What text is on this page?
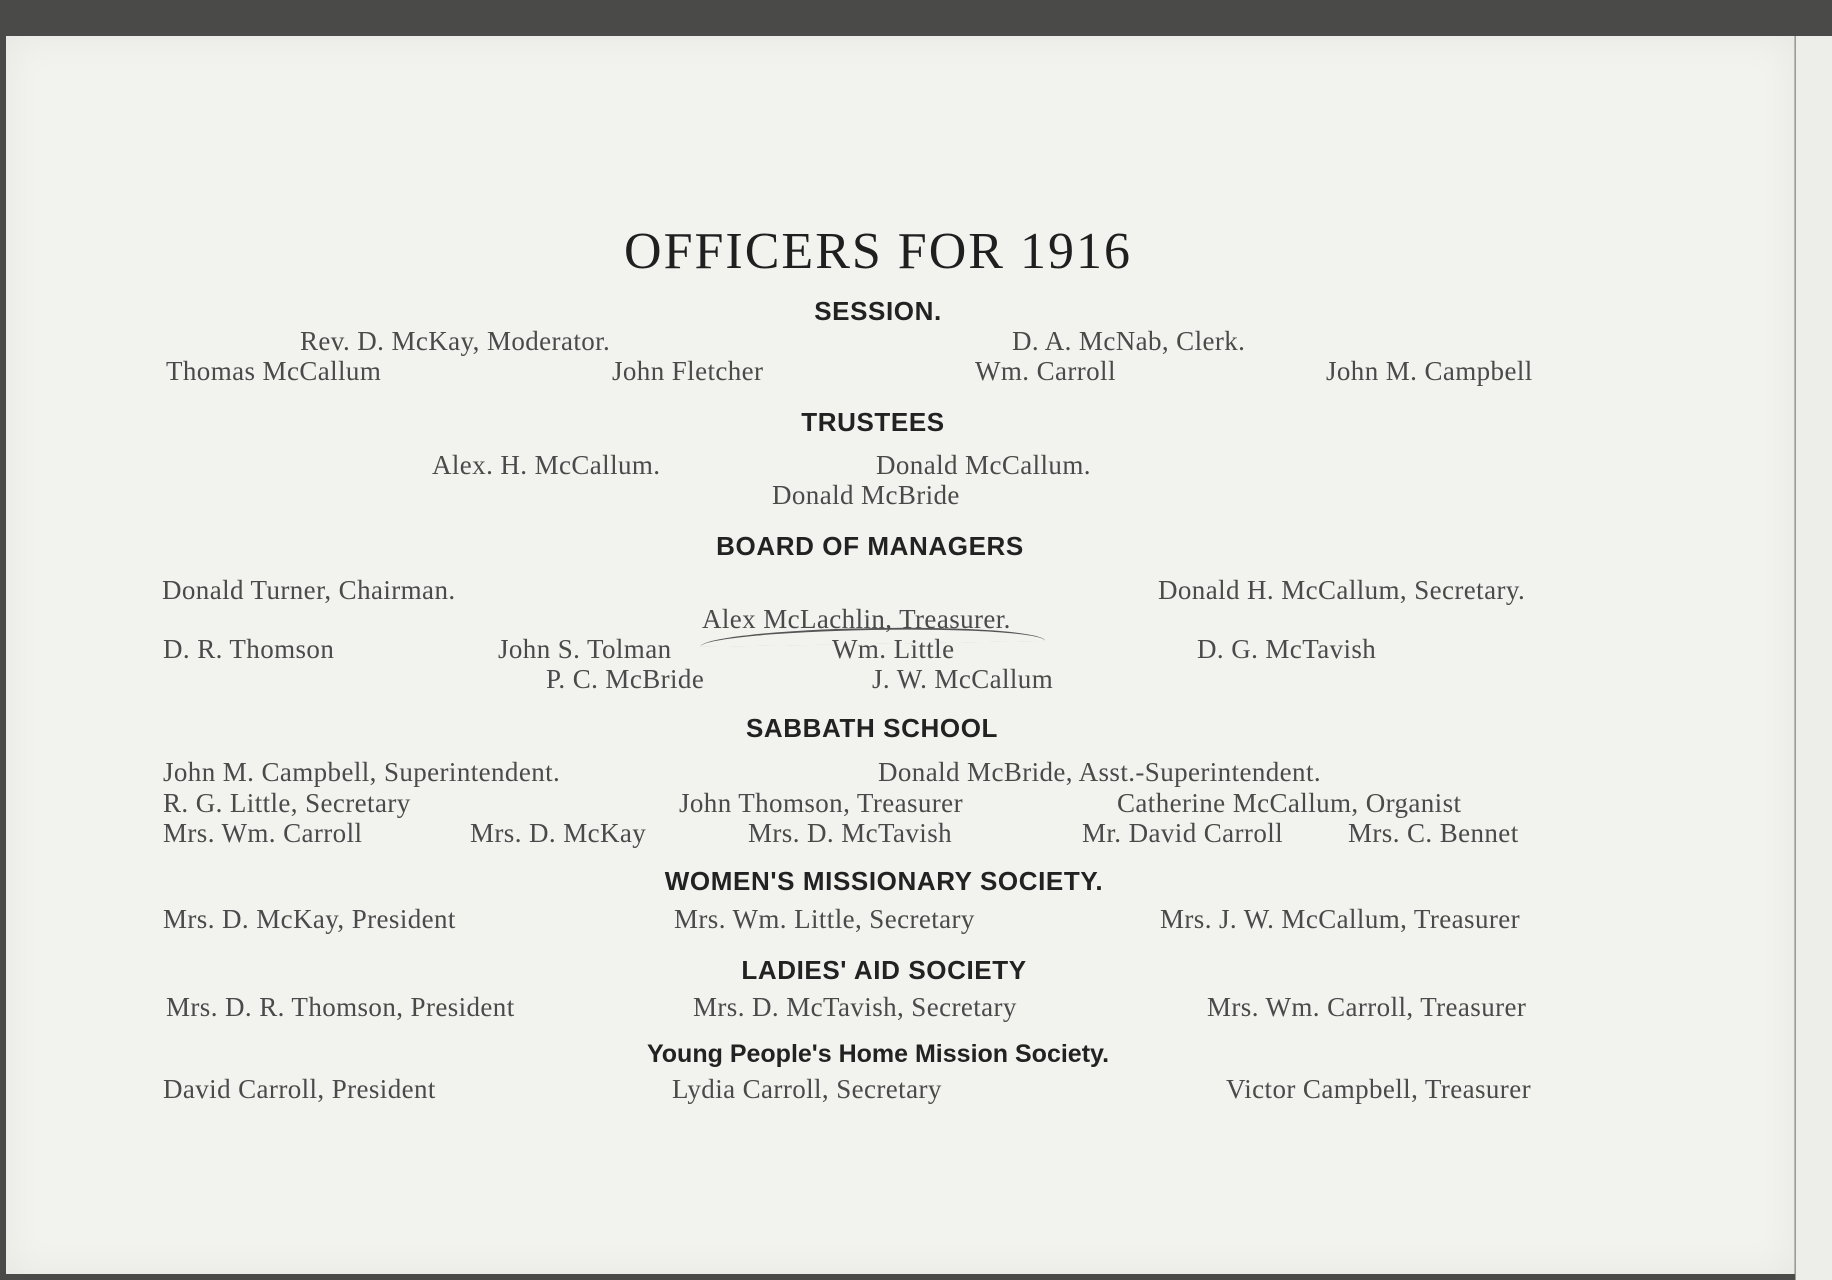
OFFICERS FOR 1916
SESSION.
Rev. D. McKay, Moderator.	D. A. McNab, Clerk.
Thomas McCallum	John Fletcher	Wm. Carroll	John M. Campbell
TRUSTEES
Alex. H. McCallum.	Donald McCallum.
Donald McBride
BOARD OF MANAGERS
Donald Turner, Chairman.	Donald H. McCallum, Secretary.
Alex McLachlin, Treasurer.
D. R. Thomson	John S. Tolman	Wm. Little	D. G. McTavish
P. C. McBride	J. W. McCallum
SABBATH SCHOOL
John M. Campbell, Superintendent.	Donald McBride, Asst.-Superintendent.
R. G. Little, Secretary	John Thomson, Treasurer	Catherine McCallum, Organist
Mrs. Wm. Carroll	Mrs. D. McKay	Mrs. D. McTavish	Mr. David Carroll Mrs. C. Bennet
WOMEN'S MISSIONARY SOCIETY.
Mrs. D. McKay, President	Mrs. Wm. Little, Secretary	Mrs. J. W. McCallum, Treasurer
LADIES' AID SOCIETY
Mrs. D. R. Thomson, President	Mrs. D. McTavish, Secretary	Mrs. Wm. Carroll, Treasurer
Young People's Home Mission Society.
David Carroll, President	Lydia Carroll, Secretary	Victor Campbell, Treasurer
